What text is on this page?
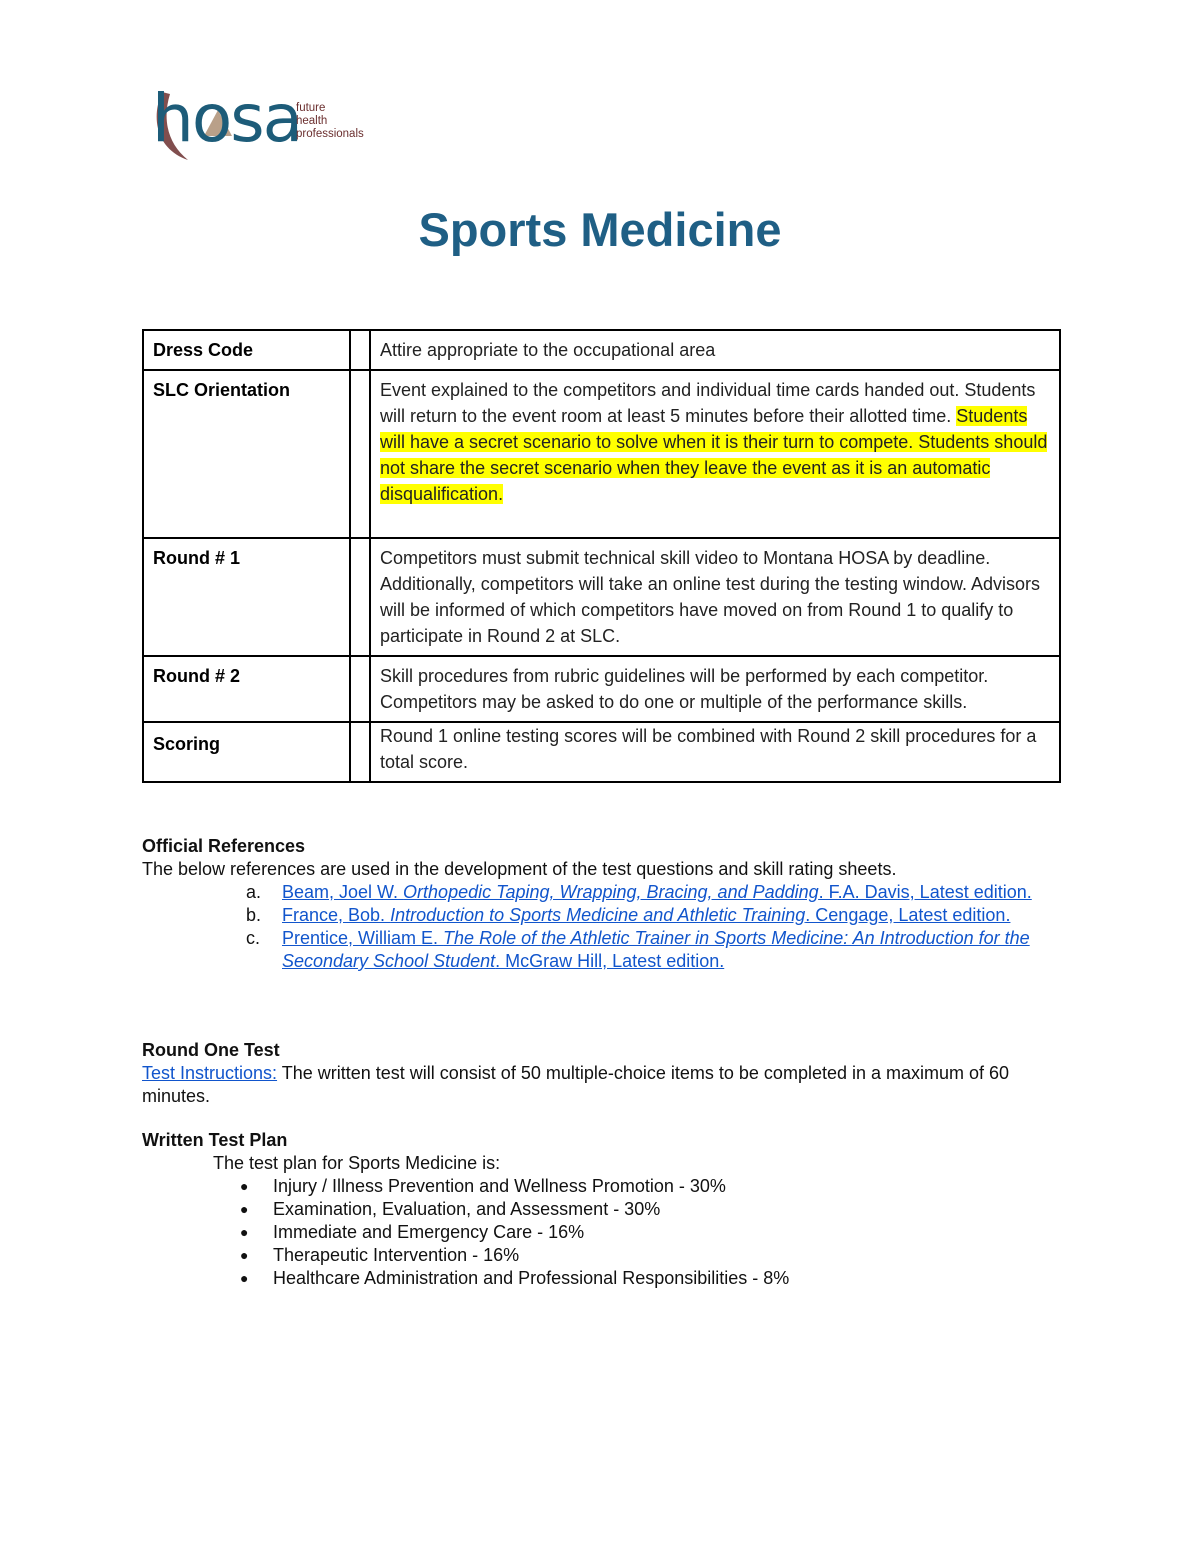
hosa
future
health
professionals
Sports Medicine
Dress Code		Attire appropriate to the occupational area
SLC Orientation		Event explained to the competitors and individual time cards handed out. Students will return to the event room at least 5 minutes before their allotted time. Students will have a secret scenario to solve when it is their turn to compete. Students should not share the secret scenario when they leave the event as it is an automatic disqualification.
Round # 1		Competitors must submit technical skill video to Montana HOSA by deadline. Additionally, competitors will take an online test during the testing window. Advisors will be informed of which competitors have moved on from Round 1 to qualify to participate in Round 2 at SLC.
Round # 2		Skill procedures from rubric guidelines will be performed by each competitor. Competitors may be asked to do one or multiple of the performance skills.
Scoring		Round 1 online testing scores will be combined with Round 2 skill procedures for a total score.
Official References

The below references are used in the development of the test questions and skill rating sheets.

a. Beam, Joel W. Orthopedic Taping, Wrapping, Bracing, and Padding. F.A. Davis, Latest edition.
b. France, Bob. Introduction to Sports Medicine and Athletic Training. Cengage, Latest edition.
c. Prentice, William E. The Role of the Athletic Trainer in Sports Medicine: An Introduction for the Secondary School Student. McGraw Hill, Latest edition.
Round One Test

Test Instructions: The written test will consist of 50 multiple-choice items to be completed in a maximum of 60 minutes.

Written Test Plan

The test plan for Sports Medicine is:

● Injury / Illness Prevention and Wellness Promotion - 30%
● Examination, Evaluation, and Assessment - 30%
● Immediate and Emergency Care - 16%
● Therapeutic Intervention - 16%
● Healthcare Administration and Professional Responsibilities - 8%
